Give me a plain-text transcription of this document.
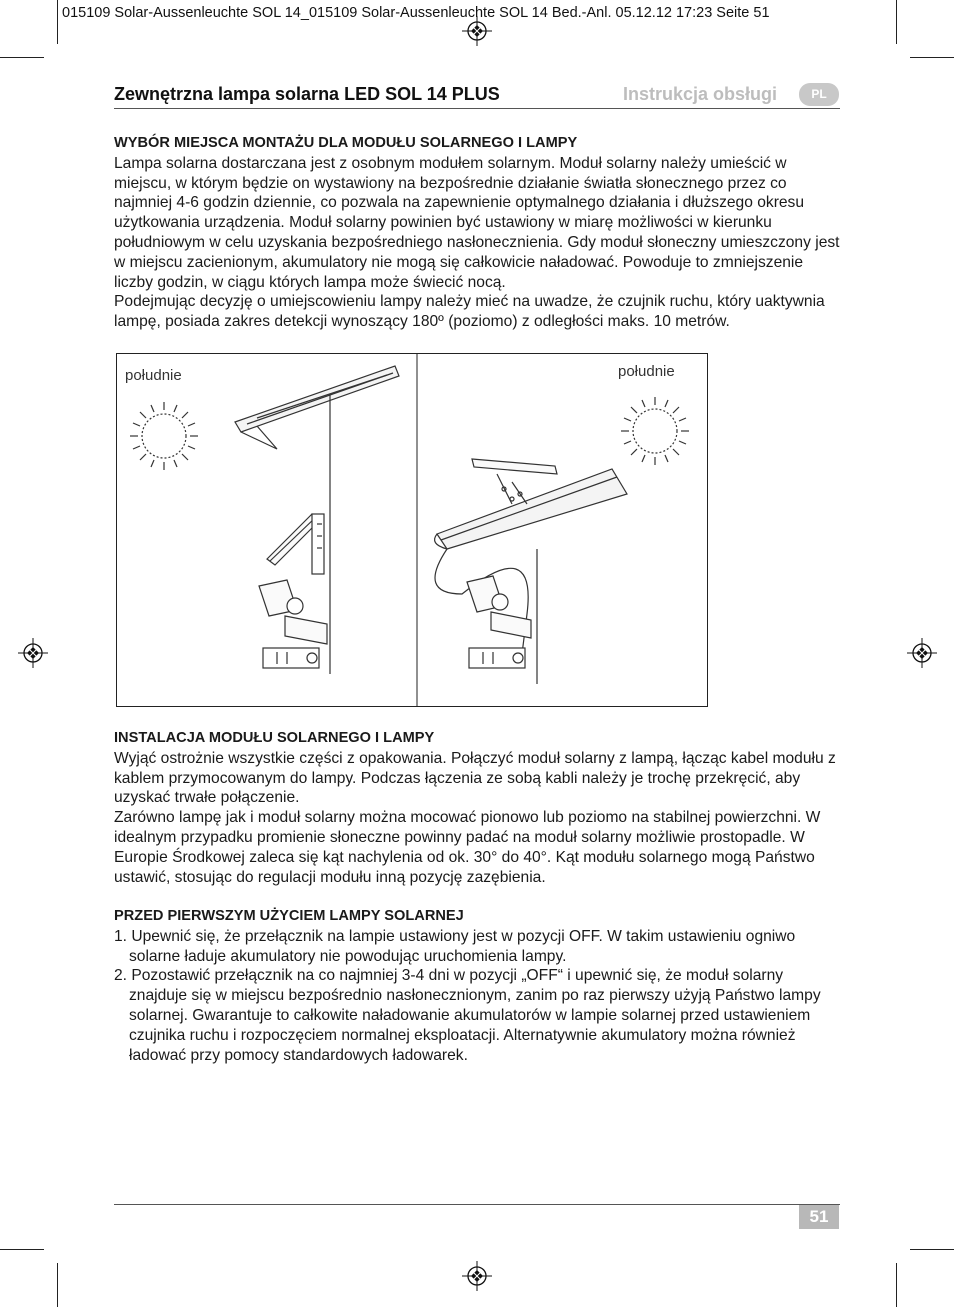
015109 Solar-Aussenleuchte SOL 14_015109 Solar-Aussenleuchte SOL 14 Bed.-Anl. 05.12.12 17:23 Seite 51
Zewnętrzna lampa solarna LED SOL 14 PLUS	Instrukcja obsługi	PL
WYBÓR MIEJSCA MONTAŻU DLA MODUŁU SOLARNEGO I LAMPY

Lampa solarna dostarczana jest z osobnym modułem solarnym. Moduł solarny należy umieścić w miejscu, w którym będzie on wystawiony na bezpośrednie działanie światła słonecznego przez co najmniej 4-6 godzin dziennie, co pozwala na zapewnienie optymalnego działania i dłuższego okresu użytkowania urządzenia. Moduł solarny powinien być ustawiony w miarę możliwości w kierunku południowym w celu uzyskania bezpośredniego nasłonecznienia. Gdy moduł słoneczny umieszczony jest w miejscu zacienionym, akumulatory nie mogą się całkowicie naładować. Powoduje to zmniejszenie liczby godzin, w ciągu których lampa może świecić nocą.

Podejmując decyzję o umiejscowieniu lampy należy mieć na uwadze, że czujnik ruchu, który uaktywnia lampę, posiada zakres detekcji wynoszący 180º (poziomo) z odległości maks. 10 metrów.

południe	południe
INSTALACJA MODUŁU SOLARNEGO I LAMPY

Wyjąć ostrożnie wszystkie części z opakowania. Połączyć moduł solarny z lampą, łącząc kabel modułu z kablem przymocowanym do lampy. Podczas łączenia ze sobą kabli należy je trochę przekręcić, aby uzyskać trwałe połączenie.

Zarówno lampę jak i moduł solarny można mocować pionowo lub poziomo na stabilnej powierzchni. W idealnym przypadku promienie słoneczne powinny padać na moduł solarny możliwie prostopadle. W Europie Środkowej zaleca się kąt nachylenia od ok. 30° do 40°. Kąt modułu solarnego mogą Państwo ustawić, stosując do regulacji modułu inną pozycję zazębienia.

PRZED PIERWSZYM UŻYCIEM LAMPY SOLARNEJ

1. Upewnić się, że przełącznik na lampie ustawiony jest w pozycji OFF. W takim ustawieniu ogniwo solarne ładuje akumulatory nie powodując uruchomienia lampy.

2. Pozostawić przełącznik na co najmniej 3-4 dni w pozycji „OFF“ i upewnić się, że moduł solarny znajduje się w miejscu bezpośrednio nasłonecznionym, zanim po raz pierwszy użyją Państwo lampy solarnej. Gwarantuje to całkowite naładowanie akumulatorów w lampie solarnej przed ustawieniem czujnika ruchu i rozpoczęciem normalnej eksploatacji. Alternatywnie akumulatory można również ładować przy pomocy standardowych ładowarek.

51
